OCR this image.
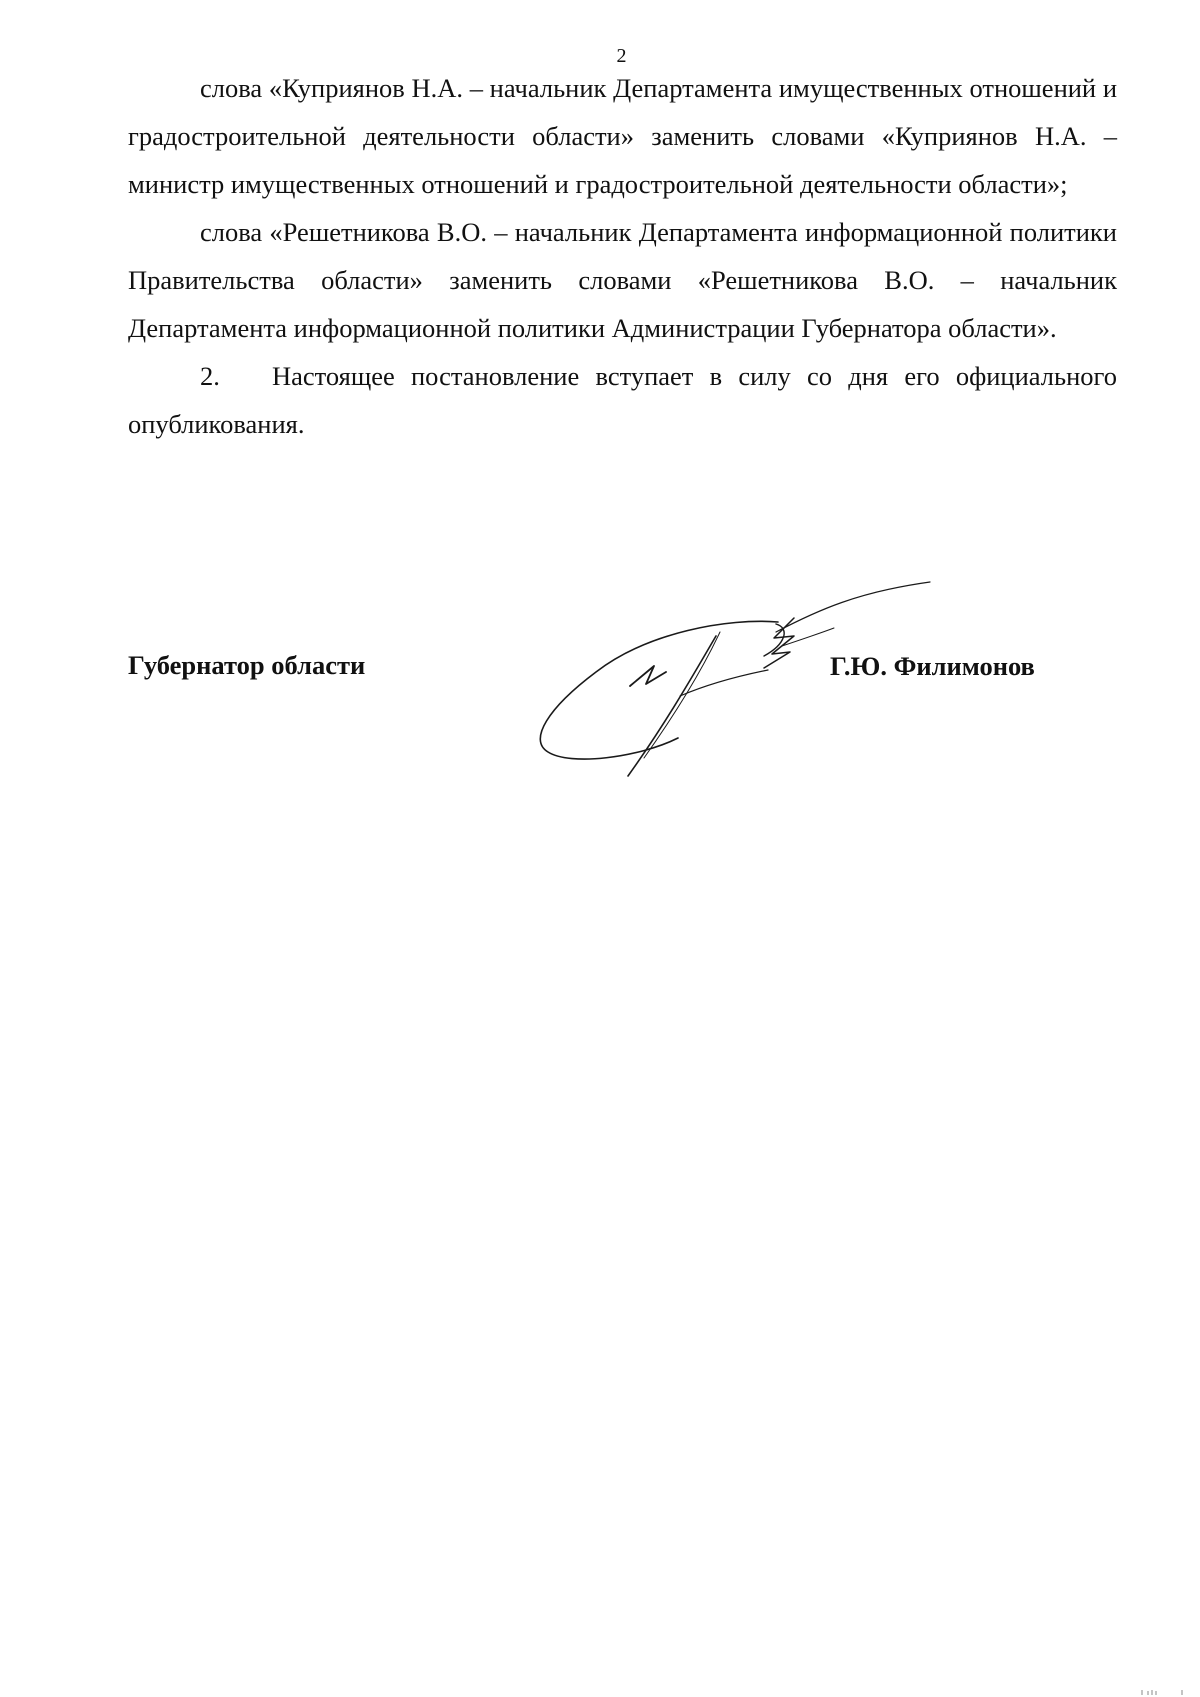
2

слова «Куприянов Н.А. – начальник Департамента имущественных отношений и градостроительной деятельности области» заменить словами «Куприянов Н.А. – министр имущественных отношений и градостроительной деятельности области»;

слова «Решетникова В.О. – начальник Департамента информационной политики Правительства области» заменить словами «Решетникова В.О. – начальник Департамента информационной политики Администрации Губернатора области».

2. Настоящее постановление вступает в силу со дня его официального опубликования.

Губернатор области	Г.Ю. Филимонов
